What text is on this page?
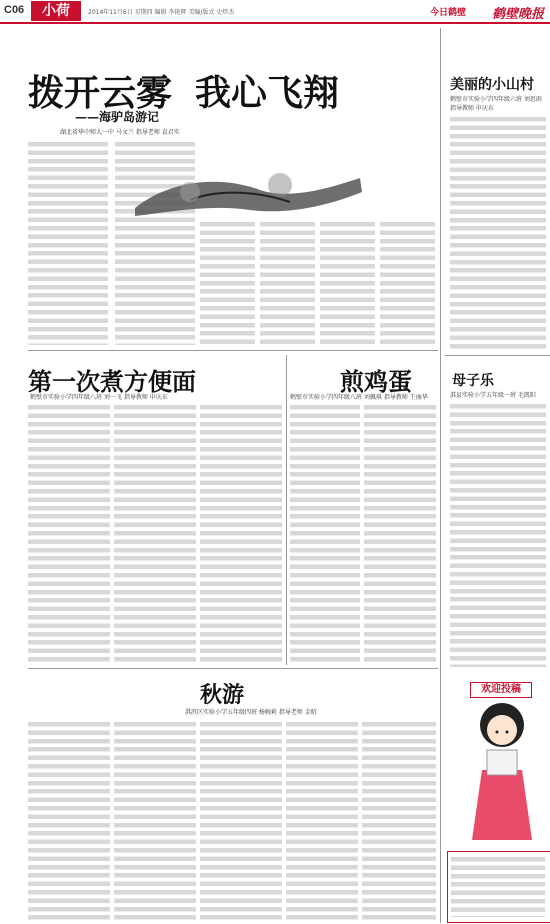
C06	小荷	2014年11月6日 星期四 编辑 李艳辉 美编/版式 史炜杰	今日鹤壁 鹤壁晚报
拨开云雾 我心飞翔
——海驴岛游记
湖北省华中师大一中 马文兰 指导老师 袁君实
美丽的小山村
鹤壁市实验小学四年级六班 刘思雨
指导教师 申庆东
母子乐
淇县实验小学五年级一班 毛凯阳
欢迎投稿
第一次煮方便面
鹤壁市实验小学四年级八班 刘一飞 指导教师 申庆东
煎鸡蛋
鹤壁市实验小学四年级八班 刘佩琪 指导教师 王丽华
秋游
淇滨区实验小学五年级四班 杨婉莉 指导老师 金昭
